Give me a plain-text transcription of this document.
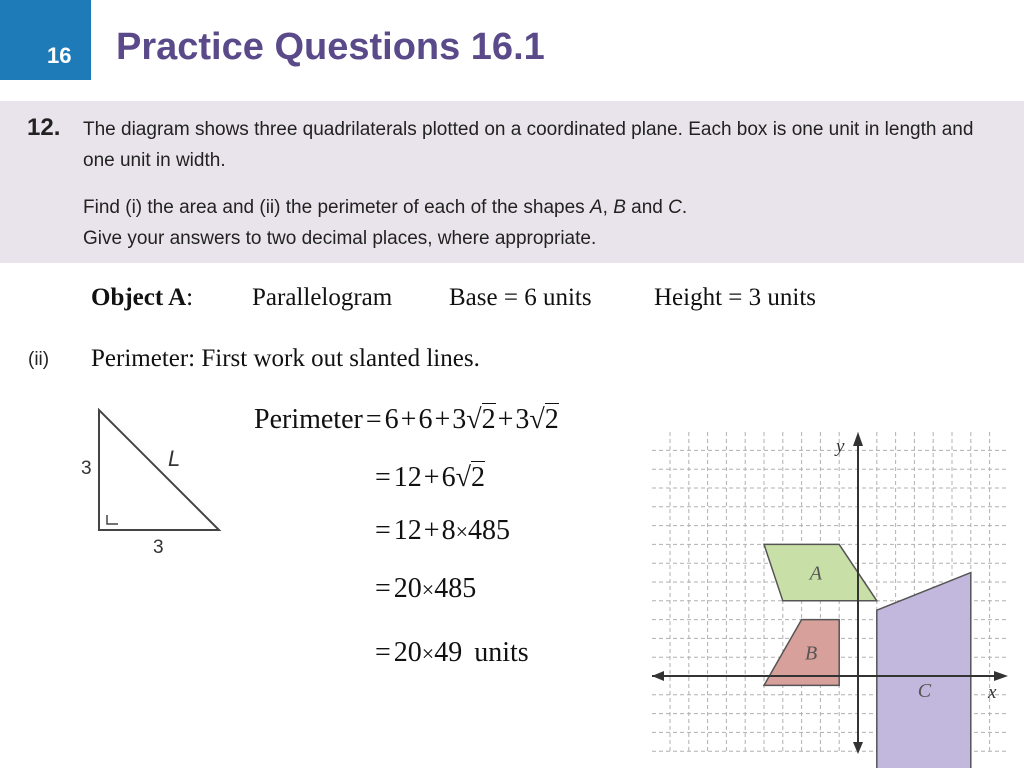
16 Practice Questions 16.1
12. The diagram shows three quadrilaterals plotted on a coordinated plane. Each box is one unit in length and one unit in width.

Find (i) the area and (ii) the perimeter of each of the shapes A, B and C.
Give your answers to two decimal places, where appropriate.

Object A: Parallelogram Base = 6 units Height = 3 units
(ii) Perimeter: First work out slanted lines.
3
3
L
Perimeter = 6+6+3√2+3√2
= 12+6√2
= 12+8×485
= 20×485
= 20×49 units
A
B
C	x
y
